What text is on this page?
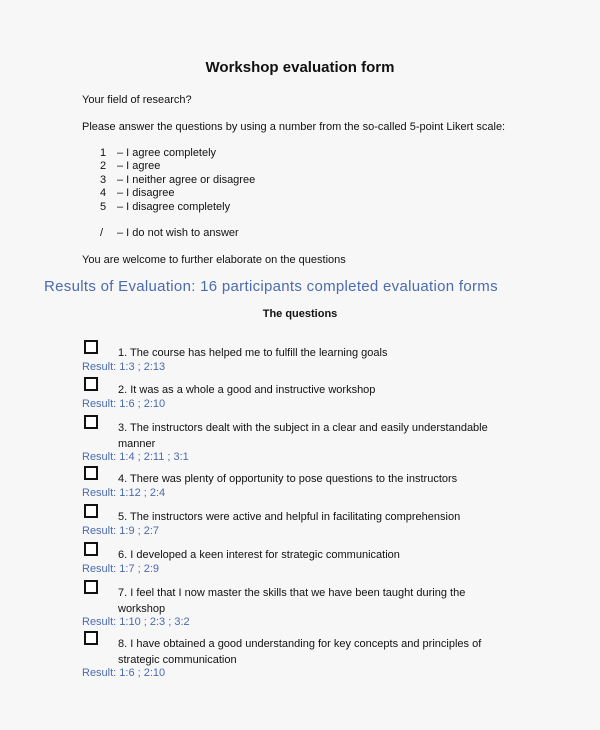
Workshop evaluation form
Your field of research?
Please answer the questions by using a number from the so-called 5-point Likert scale:
1 – I agree completely
2 – I agree
3 – I neither agree or disagree
4 – I disagree
5 – I disagree completely
/ – I do not wish to answer
You are welcome to further elaborate on the questions
Results of Evaluation: 16 participants completed evaluation forms
The questions
1. The course has helped me to fulfill the learning goals
Result: 1:3 ; 2:13
2. It was as a whole a good and instructive workshop
Result: 1:6 ; 2:10
3. The instructors dealt with the subject in a clear and easily understandable manner
Result: 1:4 ; 2:11 ; 3:1
4. There was plenty of opportunity to pose questions to the instructors
Result: 1:12 ; 2:4
5. The instructors were active and helpful in facilitating comprehension
Result: 1:9 ; 2:7
6. I developed a keen interest for strategic communication
Result: 1:7 ; 2:9
7. I feel that I now master the skills that we have been taught during the workshop
Result: 1:10 ; 2:3 ; 3:2
8. I have obtained a good understanding for key concepts and principles of strategic communication
Result: 1:6 ; 2:10
